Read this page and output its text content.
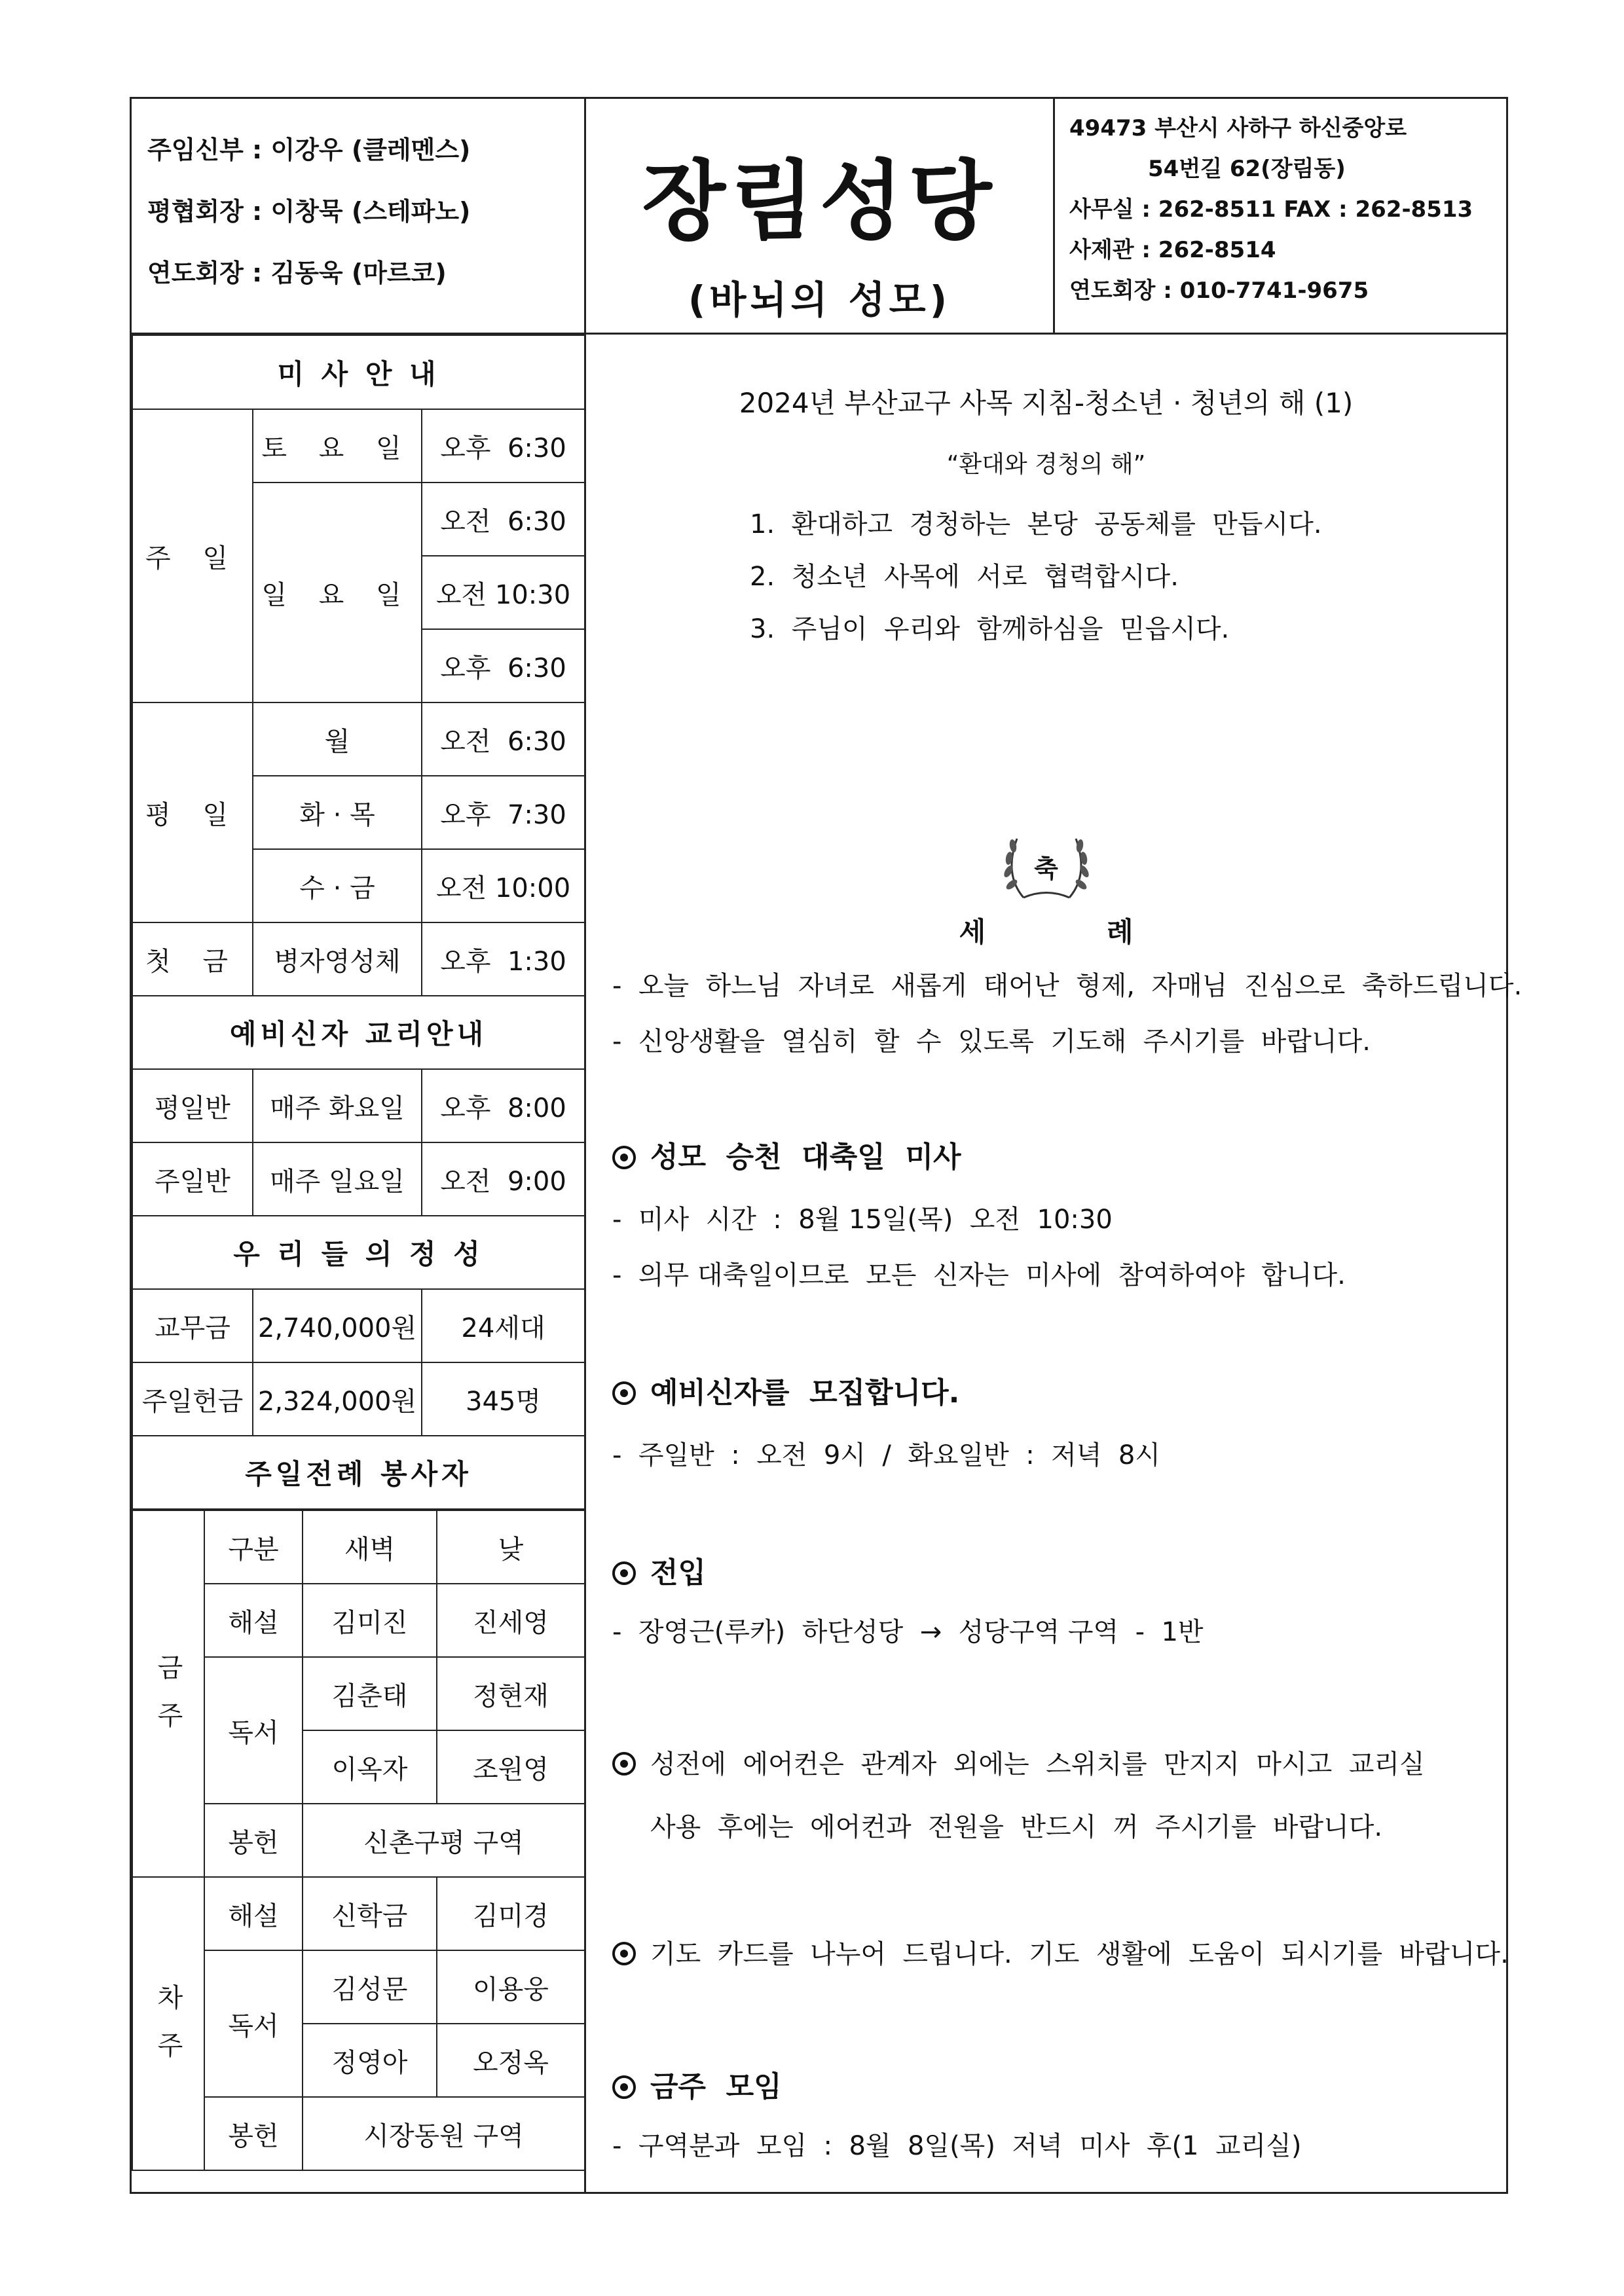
주임신부 : 이강우 (클레멘스)
평협회장 : 이창묵 (스테파노)
연도회장 : 김동욱 (마르코)
장림성당
(바뇌의 성모)
49473 부산시 사하구 하신중앙로
54번길 62(장림동)
사무실 : 262-8511 FAX : 262-8513
사제관 : 262-8514
연도회장 : 010-7741-9675
미 사 안 내		
주 일	토 요 일	오후  6:30
	일 요 일	오전  6:30
		오전 10:30
		오후  6:30
평 일	월	오전  6:30
	화 · 목	오후  7:30
	수 · 금	오전 10:00
첫 금	병자영성체	오후  1:30
예비신자 교리안내		
평일반	매주 화요일	오후  8:00
주일반	매주 일요일	오전  9:00
우 리 들 의 정 성		
교무금	2,740,000원	24세대
주일헌금	2,324,000원	345명
주일전례 봉사자		
금 주	구분	새벽	낮
	해설	김미진	진세영
	독서	김춘태	정현재
		이옥자	조원영
	봉헌	신촌구평 구역	
차 주	해설	신학금	김미경
	독서	김성문	이용웅
		정영아	오정옥
	봉헌	시장동원 구역	
2024년 부산교구 사목 지침-청소년 · 청년의 해 (1)
“환대와 경청의 해”
1.  환대하고  경청하는  본당  공동체를  만듭시다.
2.  청소년  사목에  서로  협력합시다.
3.  주님이  우리와  함께하심을  믿읍시다.
축
세	례
-  오늘  하느님  자녀로  새롭게  태어난  형제,  자매님  진심으로  축하드립니다.
-  신앙생활을  열심히  할  수  있도록  기도해  주시기를  바랍니다.
성모  승천  대축일  미사
-  미사  시간  :  8월 15일(목)  오전  10:30
-  의무 대축일이므로  모든  신자는  미사에  참여하여야  합니다.
예비신자를  모집합니다.
-  주일반  :  오전  9시  /  화요일반  :  저녁  8시
전입
-  장영근(루카)  하단성당  →  성당구역 구역  -  1반
성전에  에어컨은  관계자  외에는  스위치를  만지지  마시고  교리실
사용  후에는  에어컨과  전원을  반드시  꺼  주시기를  바랍니다.
기도  카드를  나누어  드립니다.  기도  생활에  도움이  되시기를  바랍니다.
금주  모임
-  구역분과  모임  :  8월  8일(목)  저녁  미사  후(1  교리실)
